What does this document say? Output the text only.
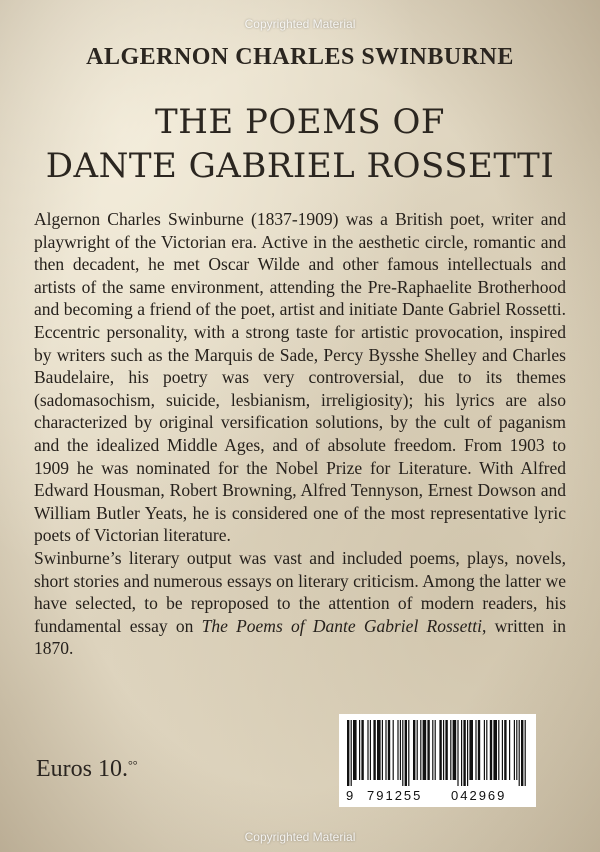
Copyrighted Material
ALGERNON CHARLES SWINBURNE
THE POEMS OF
DANTE GABRIEL ROSSETTI

Algernon Charles Swinburne (1837-1909) was a British poet, writer and playwright of the Victorian era. Active in the aesthetic circle, romantic and then decadent, he met Oscar Wilde and other famous intellectuals and artists of the same environment, attending the Pre-Raphaelite Brotherhood and becoming a friend of the poet, artist and initiate Dante Gabriel Rossetti. Eccentric personality, with a strong taste for artistic provocation, inspired by writers such as the Marquis de Sade, Percy Bysshe Shelley and Charles Baudelaire, his poetry was very controversial, due to its themes (sadomasochism, suicide, lesbianism, irreligiosity); his lyrics are also characterized by original versification solutions, by the cult of paganism and the idealized Middle Ages, and of absolute freedom. From 1903 to 1909 he was nominated for the Nobel Prize for Literature. With Alfred Edward Housman, Robert Browning, Alfred Tennyson, Ernest Dowson and William Butler Yeats, he is considered one of the most representative lyric poets of Victorian literature.

Swinburne’s literary output was vast and included poems, plays, novels, short stories and numerous essays on literary criticism. Among the latter we have selected, to be reproposed to the attention of modern readers, his fundamental essay on The Poems of Dante Gabriel Rossetti, written in 1870.

Euros 10.°°
9 791255 042969
Copyrighted Material
